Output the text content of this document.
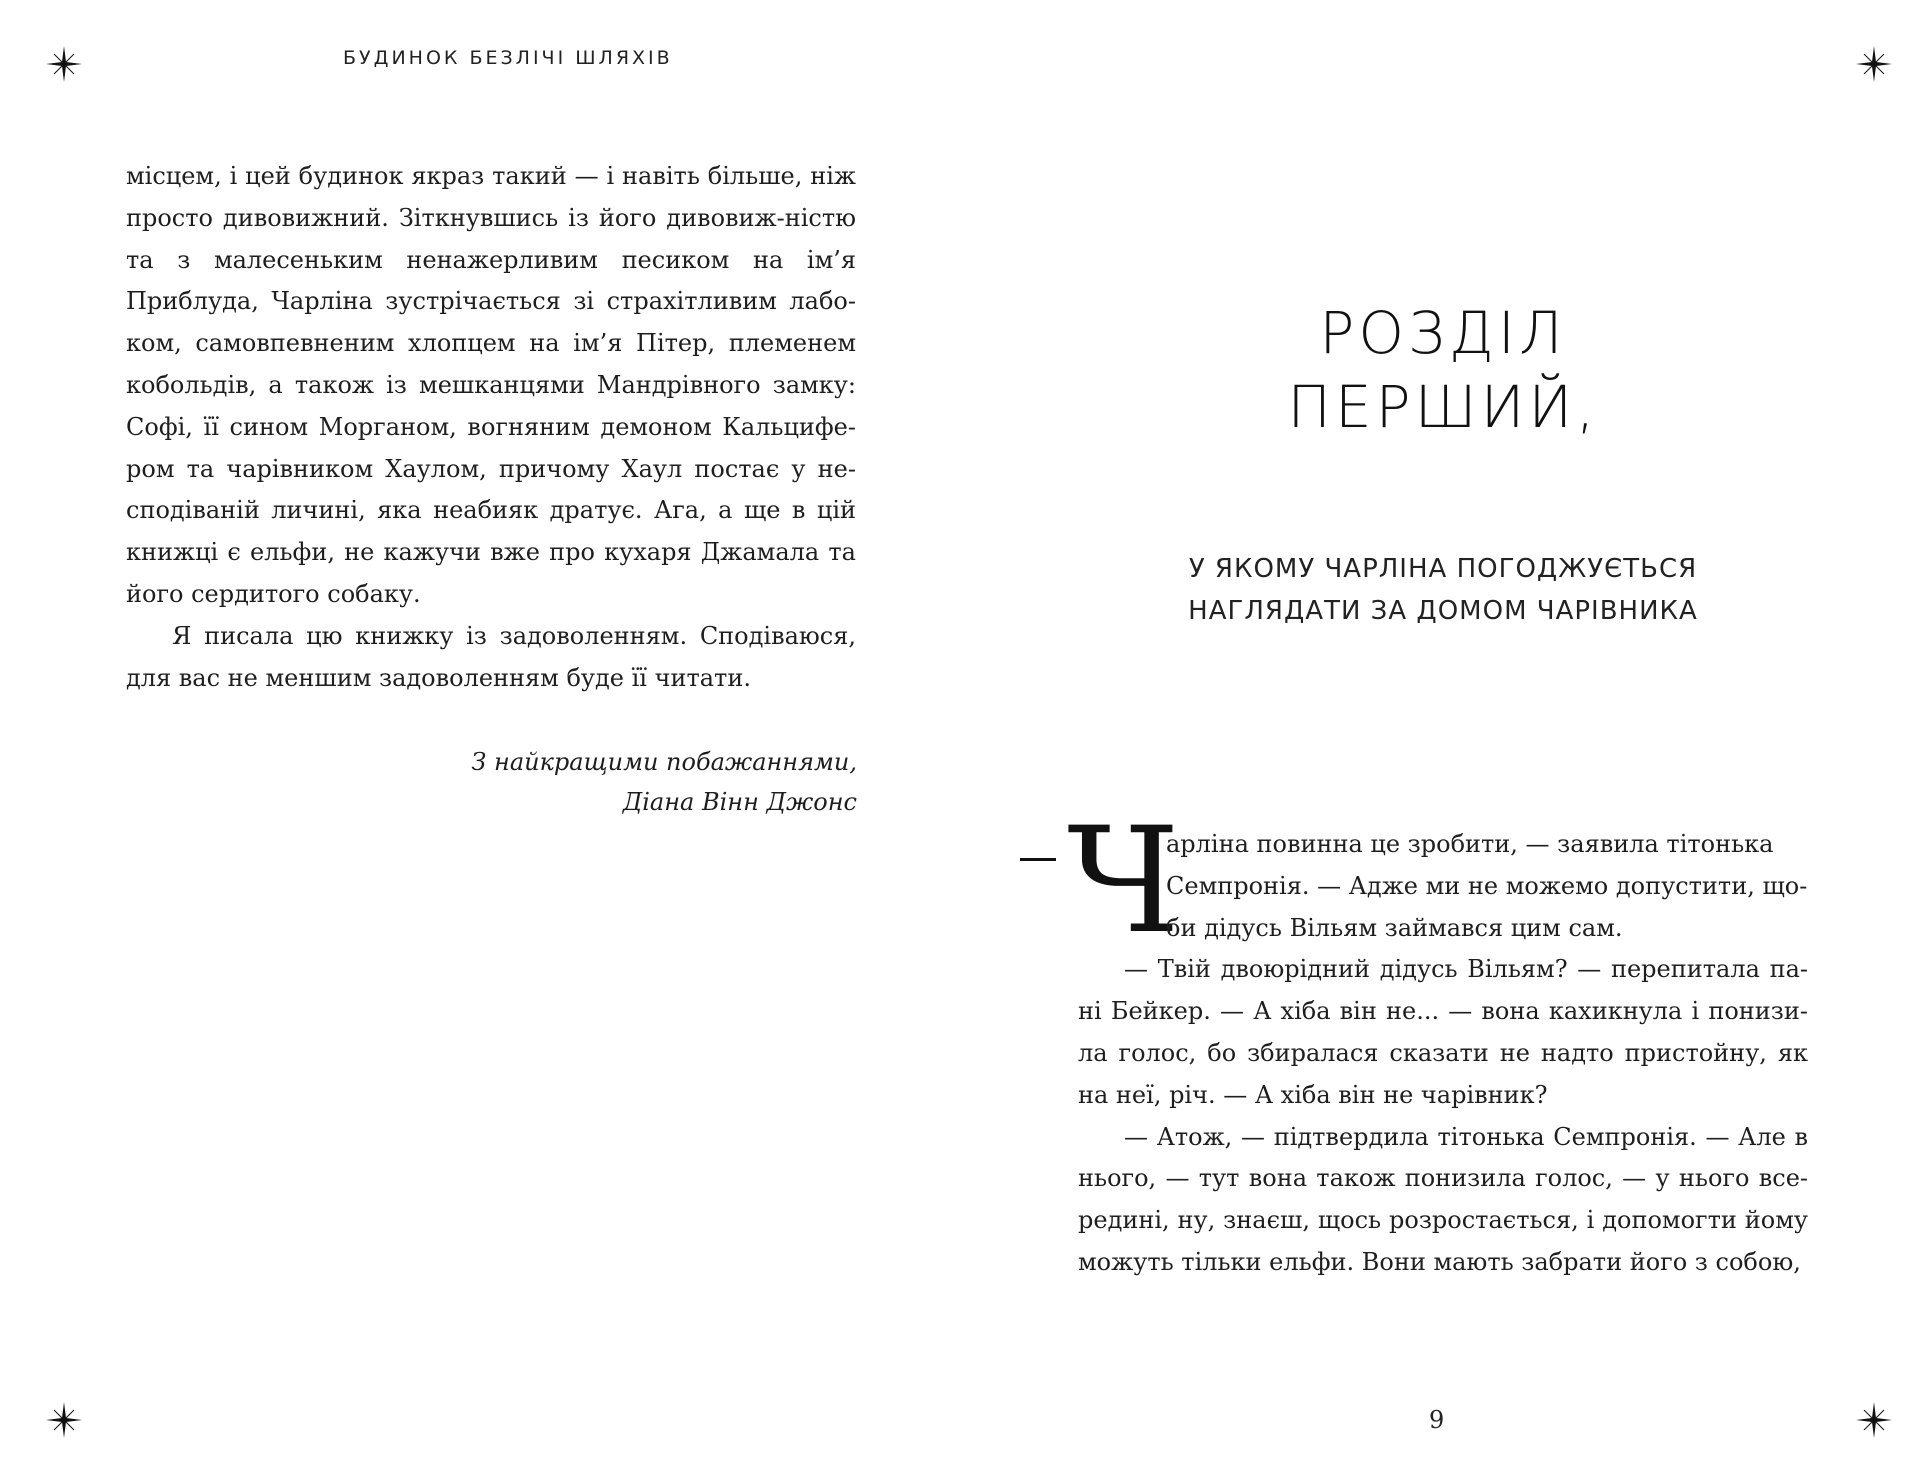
БУДИНОК БЕЗЛІЧІ ШЛЯХІВ

місцем, і цей будинок якраз такий — і навіть більше, ніж просто дивовижний. Зіткнувшись із його дивовиж-ністю та з малесеньким ненажерливим песиком на ім’я Приблуда, Чарліна зустрічається зі страхітливим лабо-ком, самовпевненим хлопцем на ім’я Пітер, племенем кобольдів, а також із мешканцями Мандрівного замку: Софі, її сином Морганом, вогняним демоном Кальцифе-ром та чарівником Хаулом, причому Хаул постає у не-сподіваній личині, яка неабияк дратує. Ага, а ще в цій книжці є ельфи, не кажучи вже про кухаря Джамала та його сердитого собаку.

Я писала цю книжку із задоволенням. Сподіваюся, для вас не меншим задоволенням буде її читати.

З найкращими побажаннями,
Діана Вінн Джонс
РОЗДІЛ
ПЕРШИЙ,
У ЯКОМУ ЧАРЛІНА ПОГОДЖУЄТЬСЯ
НАГЛЯДАТИ ЗА ДОМОМ ЧАРІВНИКА
Ч
арліна повинна це зробити, — заявила тітонька
Семпронія. — Адже ми не можемо допустити, що-
би дідусь Вільям займався цим сам.

— Твій двоюрідний дідусь Вільям? — перепитала па-ні Бейкер. — А хіба він не... — вона кахикнула і понизи-ла голос, бо збиралася сказати не надто пристойну, як на неї, річ. — А хіба він не чарівник?

— Атож, — підтвердила тітонька Семпронія. — Але в нього, — тут вона також понизила голос, — у нього все-редині, ну, знаєш, щось розростається, і допомогти йому можуть тільки ельфи. Вони мають забрати його з собою,

9
